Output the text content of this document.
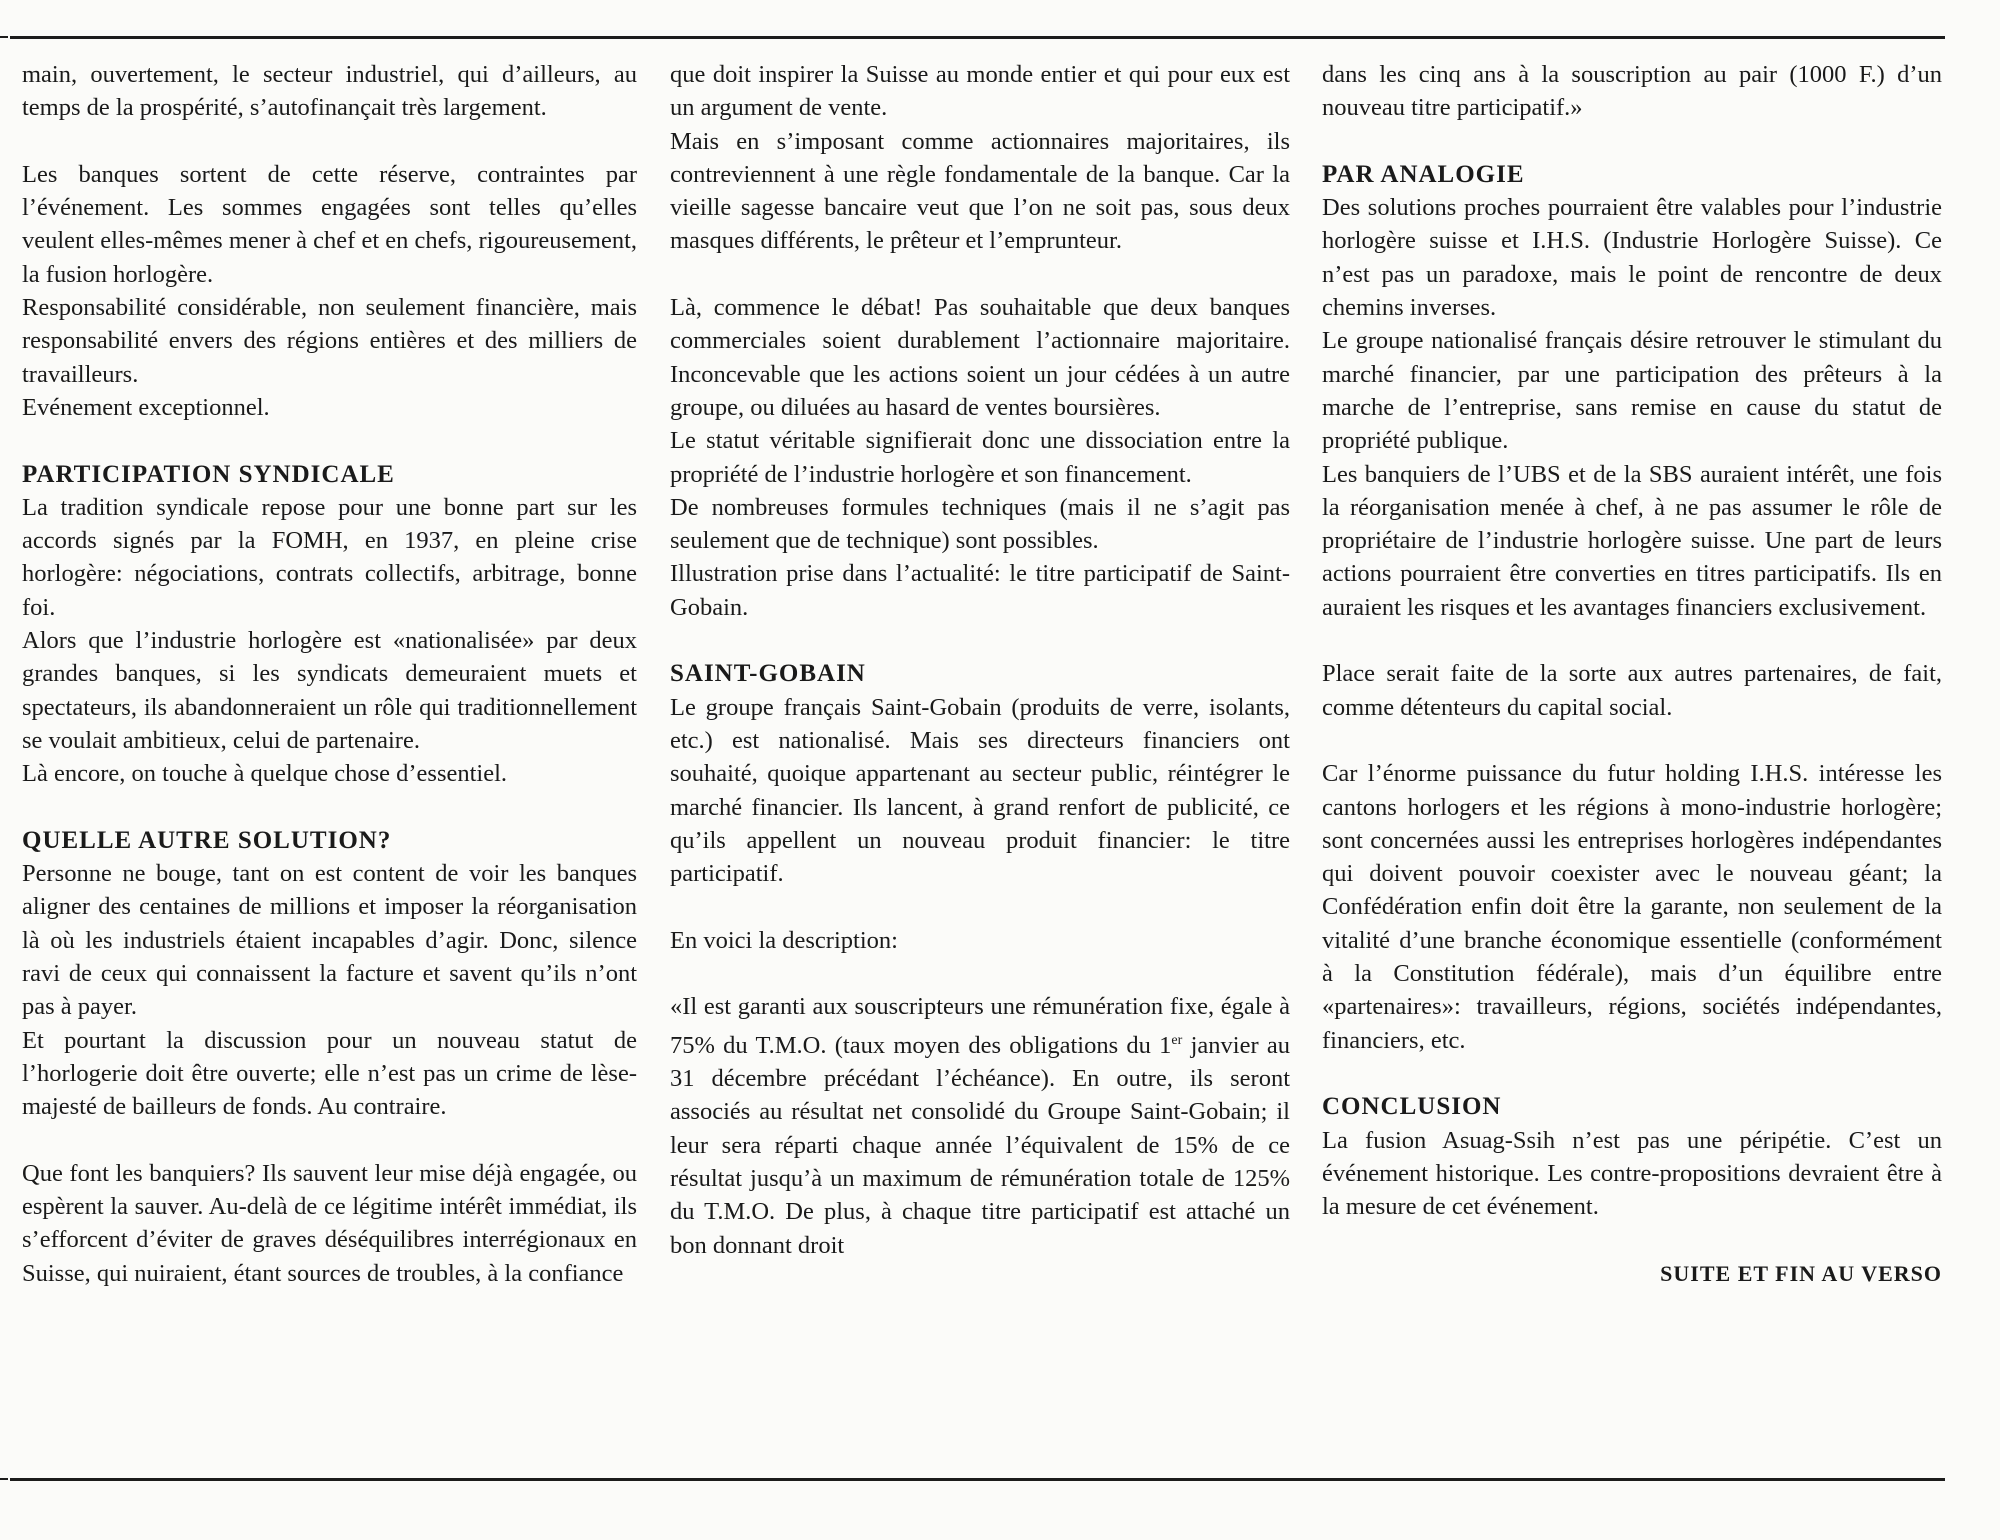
main, ouvertement, le secteur industriel, qui d’ailleurs, au temps de la prospérité, s’autofinançait très largement.

Les banques sortent de cette réserve, contraintes par l’événement. Les sommes engagées sont telles qu’elles veulent elles-mêmes mener à chef et en chefs, rigoureusement, la fusion horlogère.

Responsabilité considérable, non seulement financière, mais responsabilité envers des régions entières et des milliers de travailleurs.

Evénement exceptionnel.

PARTICIPATION SYNDICALE

La tradition syndicale repose pour une bonne part sur les accords signés par la FOMH, en 1937, en pleine crise horlogère: négociations, contrats collectifs, arbitrage, bonne foi.

Alors que l’industrie horlogère est «nationalisée» par deux grandes banques, si les syndicats demeuraient muets et spectateurs, ils abandonneraient un rôle qui traditionnellement se voulait ambitieux, celui de partenaire.

Là encore, on touche à quelque chose d’essentiel.

QUELLE AUTRE SOLUTION?

Personne ne bouge, tant on est content de voir les banques aligner des centaines de millions et imposer la réorganisation là où les industriels étaient incapables d’agir. Donc, silence ravi de ceux qui connaissent la facture et savent qu’ils n’ont pas à payer.

Et pourtant la discussion pour un nouveau statut de l’horlogerie doit être ouverte; elle n’est pas un crime de lèse-majesté de bailleurs de fonds. Au contraire.

Que font les banquiers? Ils sauvent leur mise déjà engagée, ou espèrent la sauver. Au-delà de ce légitime intérêt immédiat, ils s’efforcent d’éviter de graves déséquilibres interrégionaux en Suisse, qui nuiraient, étant sources de troubles, à la confiance

que doit inspirer la Suisse au monde entier et qui pour eux est un argument de vente.

Mais en s’imposant comme actionnaires majoritaires, ils contreviennent à une règle fondamentale de la banque. Car la vieille sagesse bancaire veut que l’on ne soit pas, sous deux masques différents, le prêteur et l’emprunteur.

Là, commence le débat! Pas souhaitable que deux banques commerciales soient durablement l’actionnaire majoritaire. Inconcevable que les actions soient un jour cédées à un autre groupe, ou diluées au hasard de ventes boursières.

Le statut véritable signifierait donc une dissociation entre la propriété de l’industrie horlogère et son financement.

De nombreuses formules techniques (mais il ne s’agit pas seulement que de technique) sont possibles.

Illustration prise dans l’actualité: le titre participatif de Saint-Gobain.

SAINT-GOBAIN

Le groupe français Saint-Gobain (produits de verre, isolants, etc.) est nationalisé. Mais ses directeurs financiers ont souhaité, quoique appartenant au secteur public, réintégrer le marché financier. Ils lancent, à grand renfort de publicité, ce qu’ils appellent un nouveau produit financier: le titre participatif.

En voici la description:

«Il est garanti aux souscripteurs une rémunération fixe, égale à 75% du T.M.O. (taux moyen des obligations du 1er janvier au 31 décembre précédant l’échéance). En outre, ils seront associés au résultat net consolidé du Groupe Saint-Gobain; il leur sera réparti chaque année l’équivalent de 15% de ce résultat jusqu’à un maximum de rémunération totale de 125% du T.M.O. De plus, à chaque titre participatif est attaché un bon donnant droit

dans les cinq ans à la souscription au pair (1000 F.) d’un nouveau titre participatif.»

PAR ANALOGIE

Des solutions proches pourraient être valables pour l’industrie horlogère suisse et I.H.S. (Industrie Horlogère Suisse). Ce n’est pas un paradoxe, mais le point de rencontre de deux chemins inverses.

Le groupe nationalisé français désire retrouver le stimulant du marché financier, par une participation des prêteurs à la marche de l’entreprise, sans remise en cause du statut de propriété publique.

Les banquiers de l’UBS et de la SBS auraient intérêt, une fois la réorganisation menée à chef, à ne pas assumer le rôle de propriétaire de l’industrie horlogère suisse. Une part de leurs actions pourraient être converties en titres participatifs. Ils en auraient les risques et les avantages financiers exclusivement.

Place serait faite de la sorte aux autres partenaires, de fait, comme détenteurs du capital social.

Car l’énorme puissance du futur holding I.H.S. intéresse les cantons horlogers et les régions à mono-industrie horlogère; sont concernées aussi les entreprises horlogères indépendantes qui doivent pouvoir coexister avec le nouveau géant; la Confédération enfin doit être la garante, non seulement de la vitalité d’une branche économique essentielle (conformément à la Constitution fédérale), mais d’un équilibre entre «partenaires»: travailleurs, régions, sociétés indépendantes, financiers, etc.

CONCLUSION

La fusion Asuag-Ssih n’est pas une péripétie. C’est un événement historique. Les contre-propositions devraient être à la mesure de cet événement.

SUITE ET FIN AU VERSO
